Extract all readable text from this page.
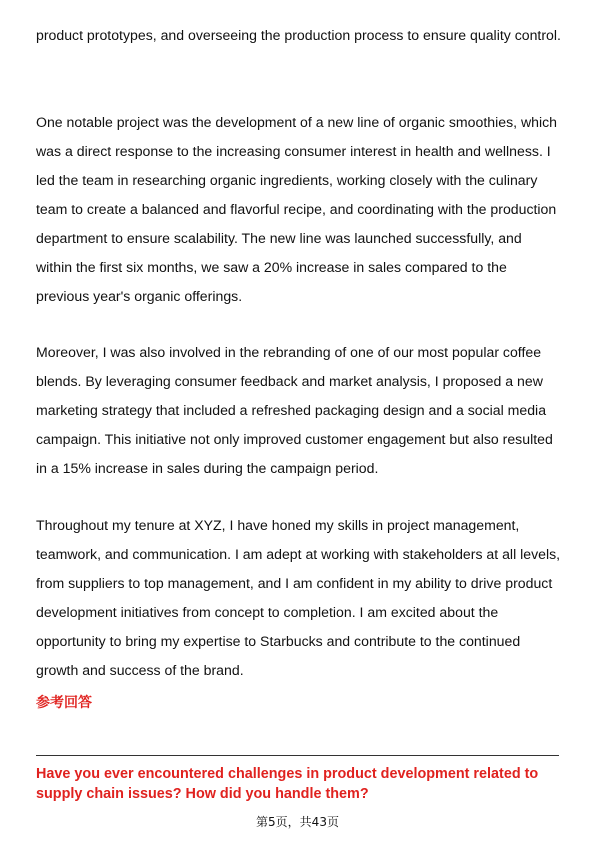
product prototypes, and overseeing the production process to ensure quality control.

One notable project was the development of a new line of organic smoothies, which was a direct response to the increasing consumer interest in health and wellness. I led the team in researching organic ingredients, working closely with the culinary team to create a balanced and flavorful recipe, and coordinating with the production department to ensure scalability. The new line was launched successfully, and within the first six months, we saw a 20% increase in sales compared to the previous year's organic offerings.

Moreover, I was also involved in the rebranding of one of our most popular coffee blends. By leveraging consumer feedback and market analysis, I proposed a new marketing strategy that included a refreshed packaging design and a social media campaign. This initiative not only improved customer engagement but also resulted in a 15% increase in sales during the campaign period.

Throughout my tenure at XYZ, I have honed my skills in project management, teamwork, and communication. I am adept at working with stakeholders at all levels, from suppliers to top management, and I am confident in my ability to drive product development initiatives from concept to completion. I am excited about the opportunity to bring my expertise to Starbucks and contribute to the continued growth and success of the brand.

参考回答

Have you ever encountered challenges in product development related to supply chain issues? How did you handle them?

第5页，共43页
